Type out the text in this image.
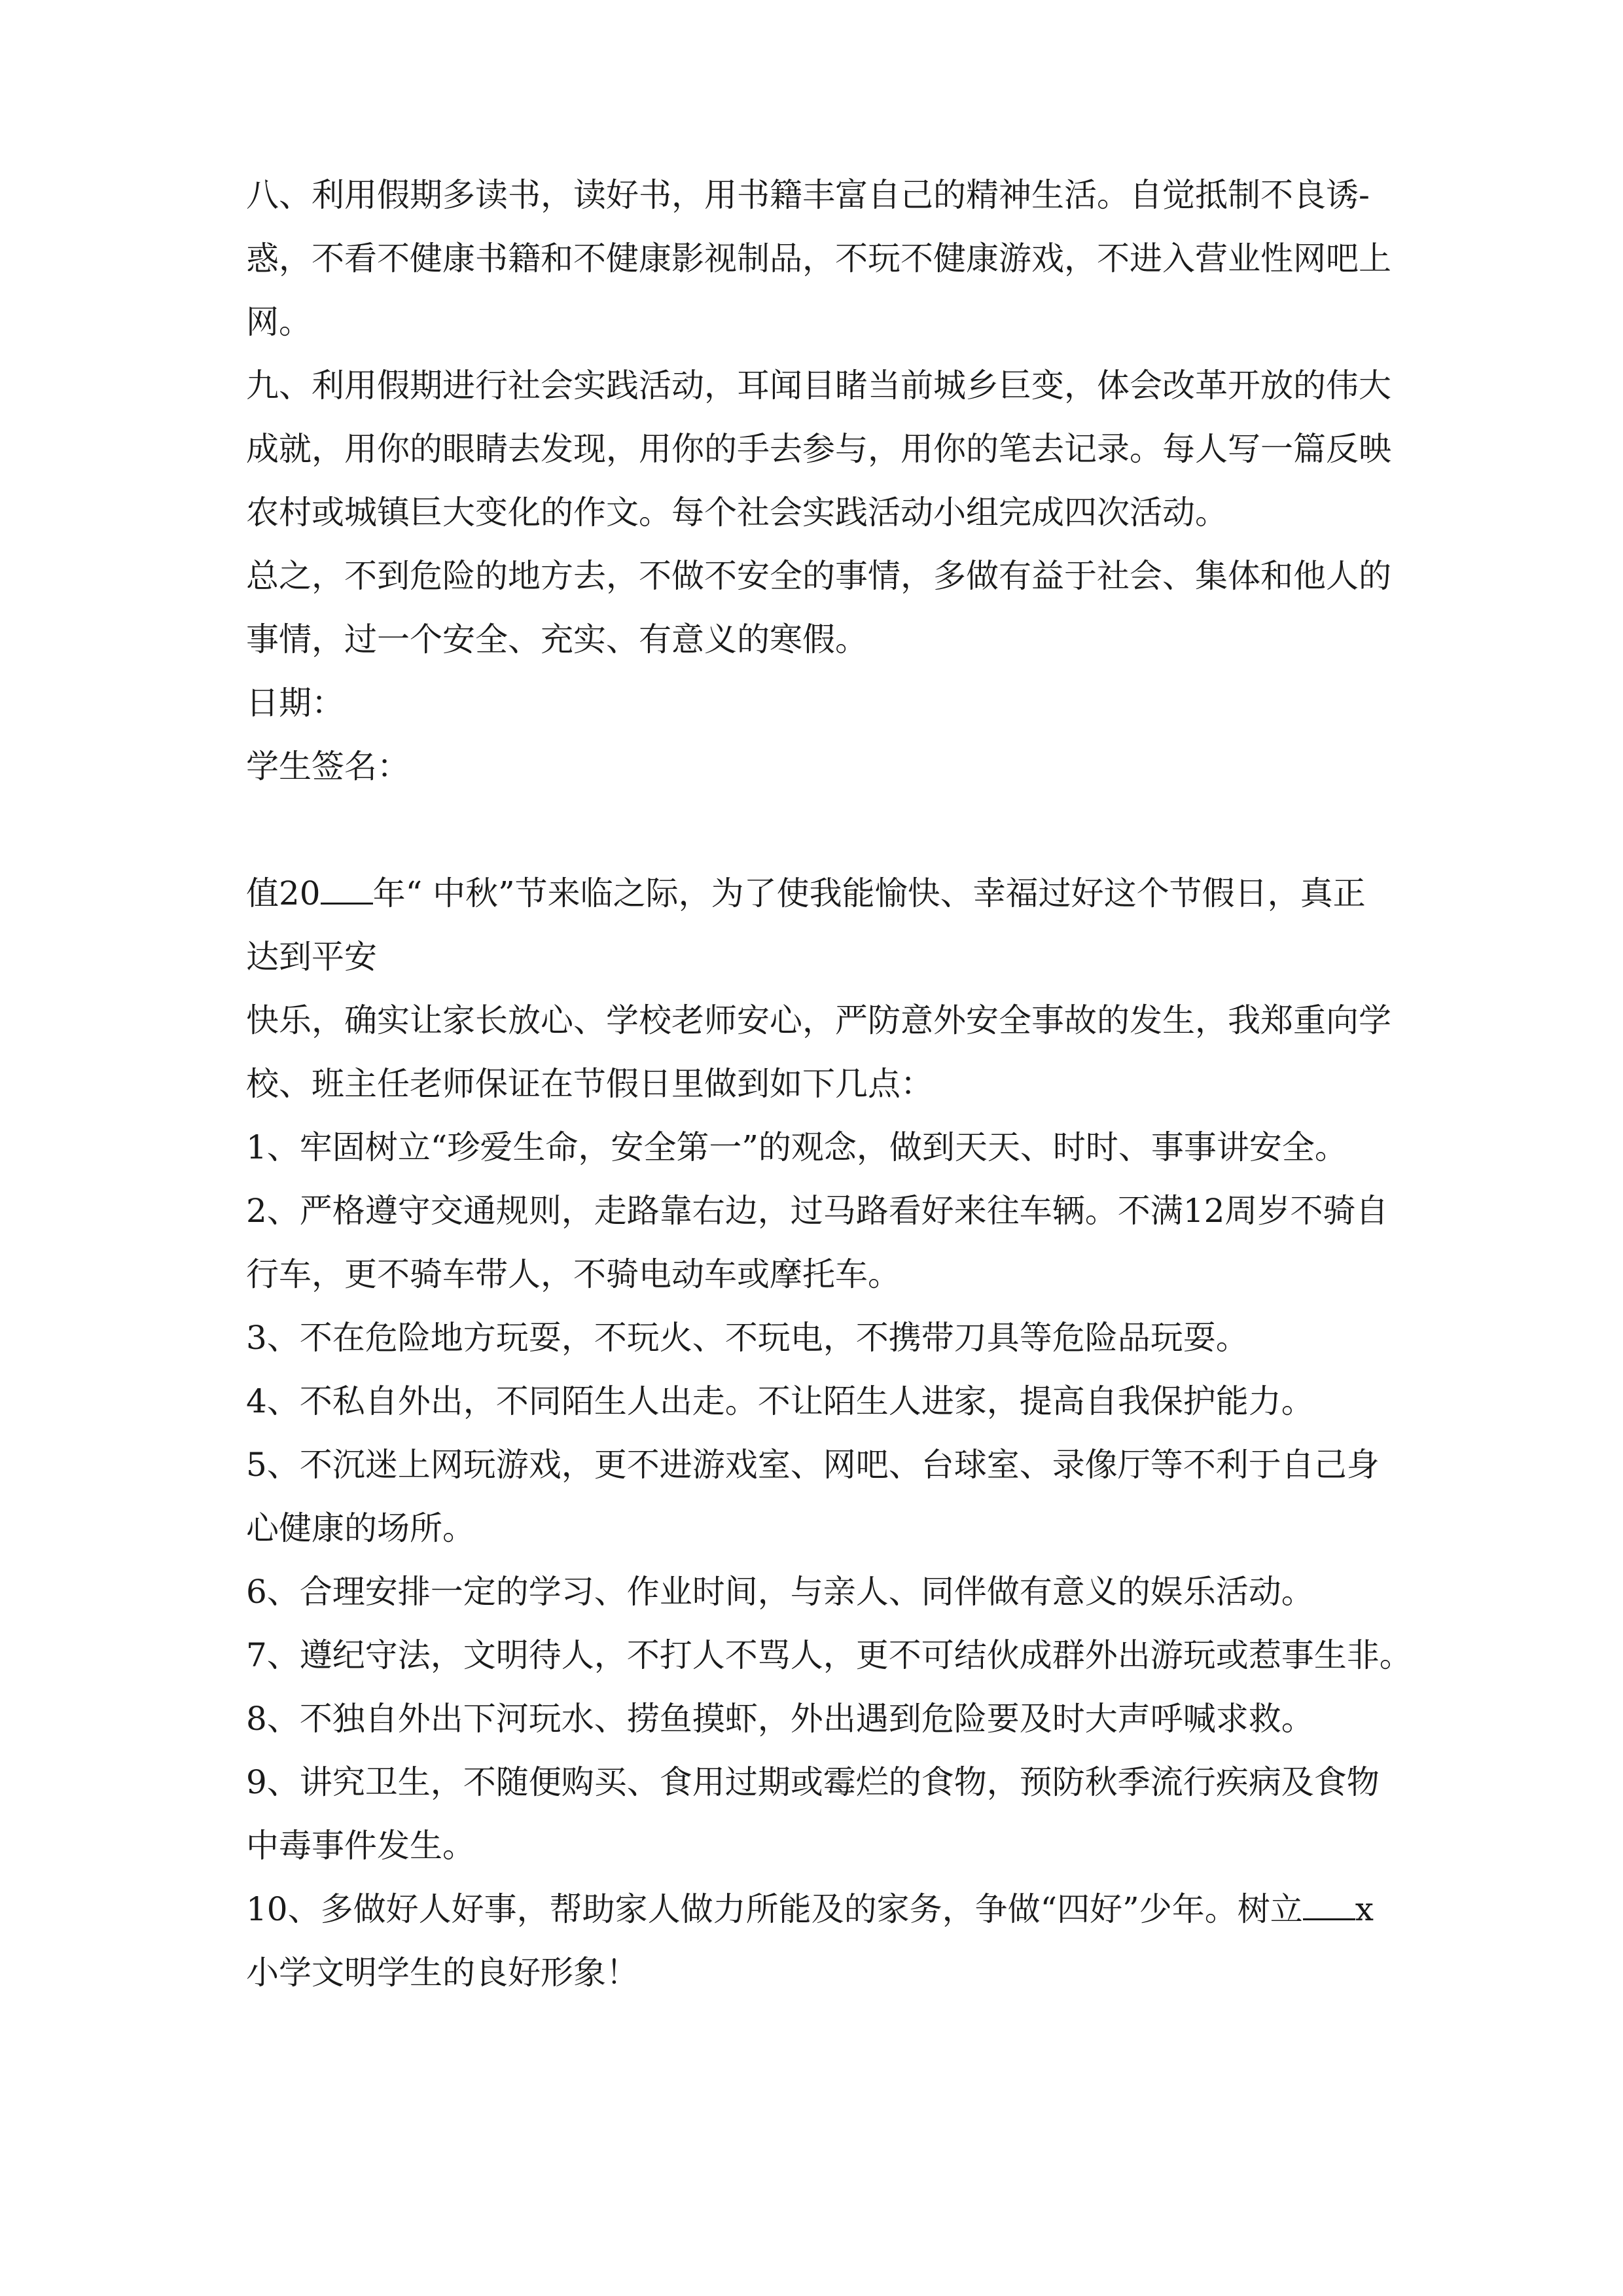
八、利用假期多读书，读好书，用书籍丰富自己的精神生活。自觉抵制不良诱-
惑，不看不健康书籍和不健康影视制品，不玩不健康游戏，不进入营业性网吧上
网。
九、利用假期进行社会实践活动，耳闻目睹当前城乡巨变，体会改革开放的伟大
成就，用你的眼睛去发现，用你的手去参与，用你的笔去记录。每人写一篇反映
农村或城镇巨大变化的作文。每个社会实践活动小组完成四次活动。
总之，不到危险的地方去，不做不安全的事情，多做有益于社会、集体和他人的
事情，过一个安全、充实、有意义的寒假。
日期：
学生签名：
值20 年“ 中秋”节来临之际，为了使我能愉快、幸福过好这个节假日，真正
达到平安
快乐，确实让家长放心、学校老师安心，严防意外安全事故的发生，我郑重向学
校、班主任老师保证在节假日里做到如下几点：
1、牢固树立“珍爱生命，安全第一”的观念，做到天天、时时、事事讲安全。
2、严格遵守交通规则，走路靠右边，过马路看好来往车辆。不满12周岁不骑自
行车，更不骑车带人，不骑电动车或摩托车。
3、不在危险地方玩耍，不玩火、不玩电，不携带刀具等危险品玩耍。
4、不私自外出，不同陌生人出走。不让陌生人进家，提高自我保护能力。
5、不沉迷上网玩游戏，更不进游戏室、网吧、台球室、录像厅等不利于自己身
心健康的场所。
6、合理安排一定的学习、作业时间，与亲人、同伴做有意义的娱乐活动。
7、遵纪守法，文明待人，不打人不骂人，更不可结伙成群外出游玩或惹事生非。
8、不独自外出下河玩水、捞鱼摸虾，外出遇到危险要及时大声呼喊求救。
9、讲究卫生，不随便购买、食用过期或霉烂的食物，预防秋季流行疾病及食物
中毒事件发生。
10、多做好人好事，帮助家人做力所能及的家务，争做“四好”少年。树立 x
小学文明学生的良好形象！
